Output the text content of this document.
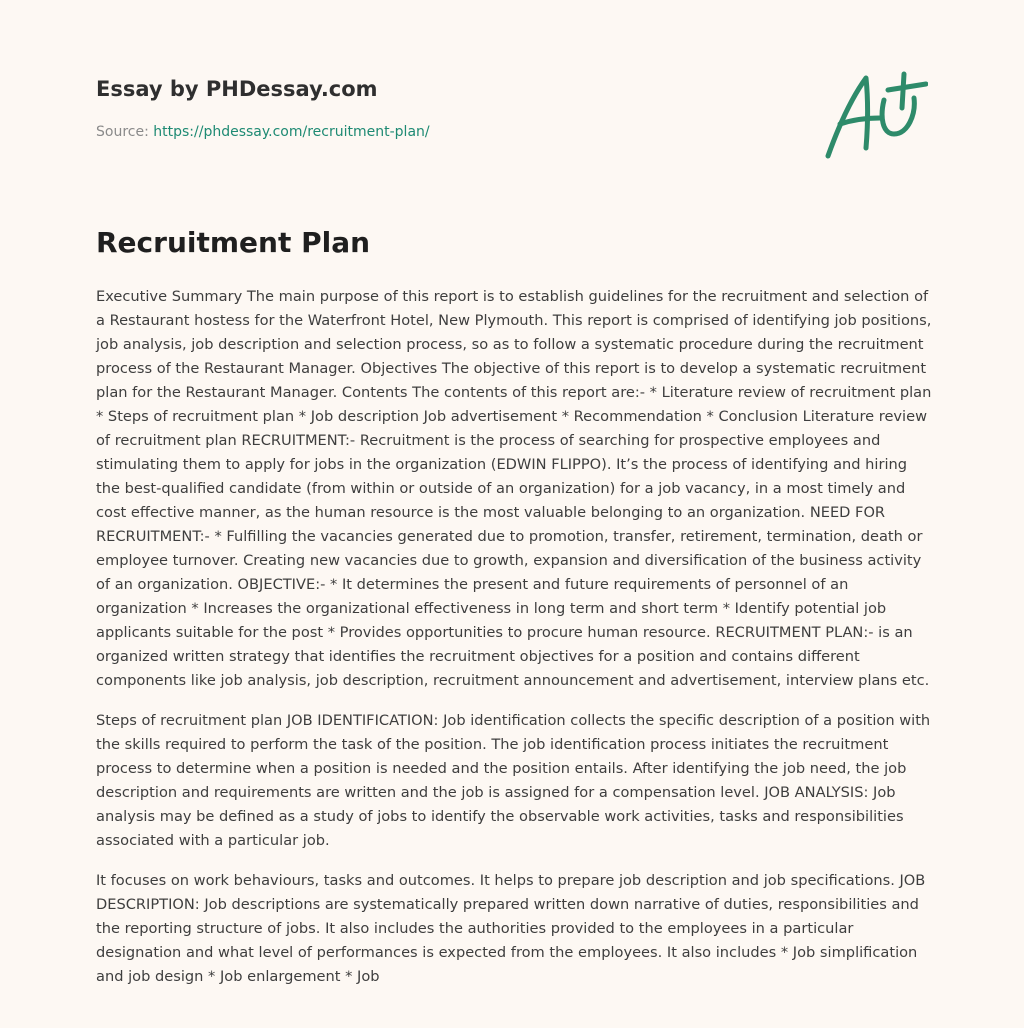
Essay by PHDessay.com
Source: https://phdessay.com/recruitment-plan/
Recruitment Plan

Executive Summary The main purpose of this report is to establish guidelines for the recruitment and selection of a Restaurant hostess for the Waterfront Hotel, New Plymouth. This report is comprised of identifying job positions, job analysis, job description and selection process, so as to follow a systematic procedure during the recruitment process of the Restaurant Manager. Objectives The objective of this report is to develop a systematic recruitment plan for the Restaurant Manager. Contents The contents of this report are:- * Literature review of recruitment plan * Steps of recruitment plan * Job description Job advertisement * Recommendation * Conclusion Literature review of recruitment plan RECRUITMENT:- Recruitment is the process of searching for prospective employees and stimulating them to apply for jobs in the organization (EDWIN FLIPPO). It’s the process of identifying and hiring the best-qualified candidate (from within or outside of an organization) for a job vacancy, in a most timely and cost effective manner, as the human resource is the most valuable belonging to an organization. NEED FOR RECRUITMENT:- * Fulfilling the vacancies generated due to promotion, transfer, retirement, termination, death or employee turnover. Creating new vacancies due to growth, expansion and diversification of the business activity of an organization. OBJECTIVE:- * It determines the present and future requirements of personnel of an organization * Increases the organizational effectiveness in long term and short term * Identify potential job applicants suitable for the post * Provides opportunities to procure human resource. RECRUITMENT PLAN:- is an organized written strategy that identifies the recruitment objectives for a position and contains different components like job analysis, job description, recruitment announcement and advertisement, interview plans etc.

Steps of recruitment plan JOB IDENTIFICATION: Job identification collects the specific description of a position with the skills required to perform the task of the position. The job identification process initiates the recruitment process to determine when a position is needed and the position entails. After identifying the job need, the job description and requirements are written and the job is assigned for a compensation level. JOB ANALYSIS: Job analysis may be defined as a study of jobs to identify the observable work activities, tasks and responsibilities associated with a particular job.

It focuses on work behaviours, tasks and outcomes. It helps to prepare job description and job specifications. JOB DESCRIPTION: Job descriptions are systematically prepared written down narrative of duties, responsibilities and the reporting structure of jobs. It also includes the authorities provided to the employees in a particular designation and what level of performances is expected from the employees. It also includes * Job simplification and job design * Job enlargement * Job
